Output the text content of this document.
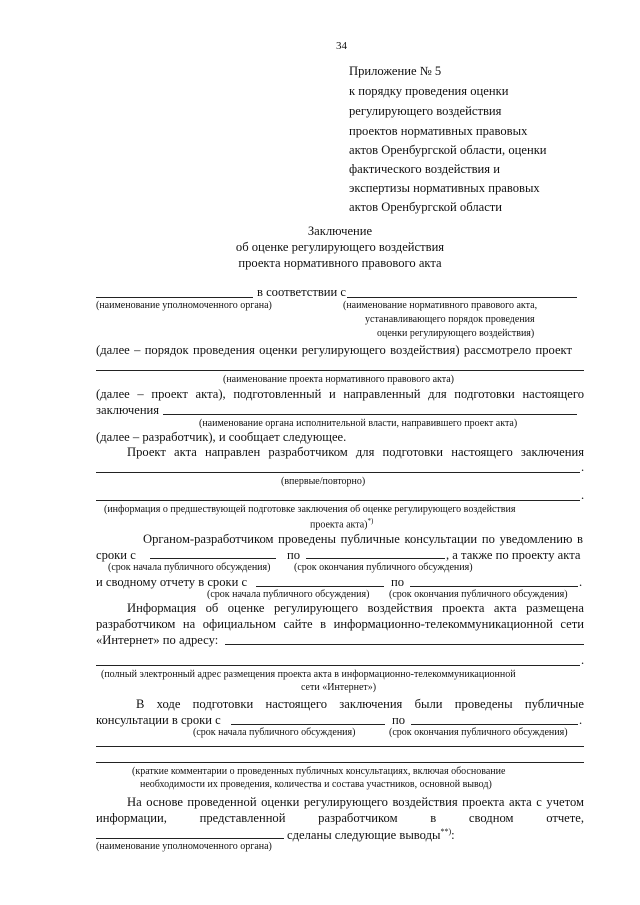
34
Приложение № 5
к порядку проведения оценки
регулирующего воздействия
проектов нормативных правовых
актов Оренбургской области, оценки
фактического воздействия и
экспертизы нормативных правовых
актов Оренбургской области
Заключение
об оценке регулирующего воздействия
проекта нормативного правового акта
в соответствии с
(наименование уполномоченного органа)	(наименование нормативного правового акта,
устанавливающего порядок проведения
оценки регулирующего воздействия)
(далее – порядок проведения оценки регулирующего воздействия) рассмотрело проект
(наименование проекта нормативного правового акта)
(далее – проект акта), подготовленный и направленный для подготовки настоящего
заключения
(наименование органа исполнительной власти, направившего проект акта)
(далее – разработчик), и сообщает следующее.
Проект акта направлен разработчиком для подготовки настоящего заключения
.
(впервые/повторно)
.
(информация о предшествующей подготовке заключения об оценке регулирующего воздействия
проекта акта)*)
Органом-разработчиком проведены публичные консультации по уведомлению в
сроки с	по	, а также по проекту акта
(срок начала публичного обсуждения) (срок окончания публичного обсуждения)
и сводному отчету в сроки с	по	.
(срок начала публичного обсуждения) (срок окончания публичного обсуждения)
Информация об оценке регулирующего воздействия проекта акта размещена
разработчиком на официальном сайте в информационно-телекоммуникационной сети
«Интернет» по адресу:
.
(полный электронный адрес размещения проекта акта в информационно-телекоммуникационной
сети «Интернет»)
В ходе подготовки настоящего заключения были проведены публичные
консультации в сроки с	по	.
(срок начала публичного обсуждения)	(срок окончания публичного обсуждения)
(краткие комментарии о проведенных публичных консультациях, включая обоснование
необходимости их проведения, количества и состава участников, основной вывод)
На основе проведенной оценки регулирующего воздействия проекта акта с учетом
информации, представленной разработчиком в сводном отчете,
сделаны следующие выводы**):
(наименование уполномоченного органа)
